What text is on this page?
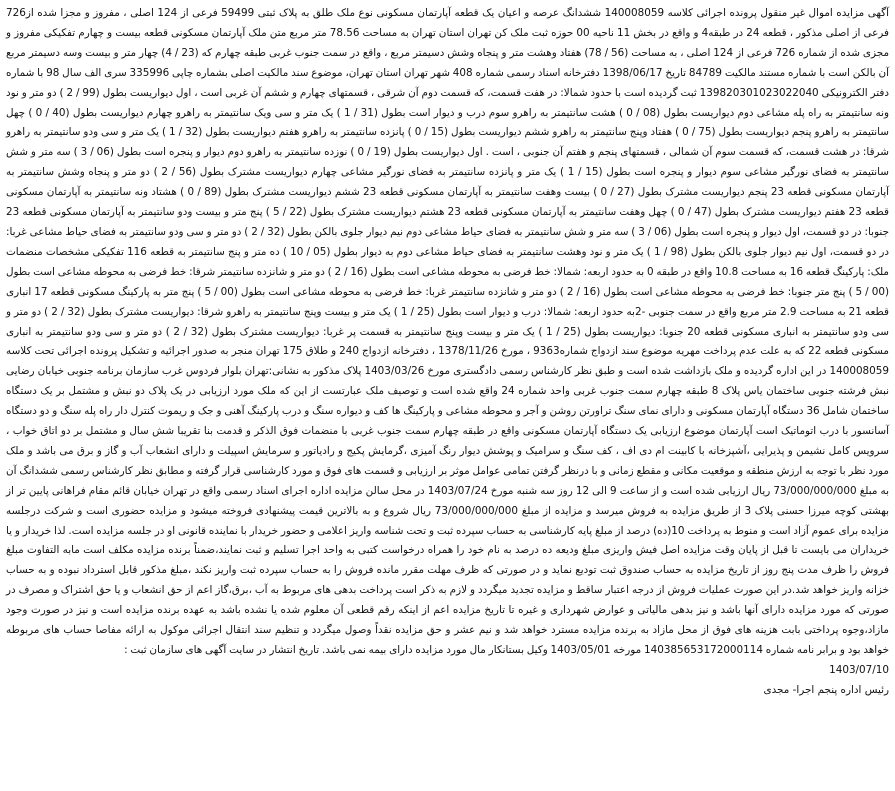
آگهی مزایده اموال غیر منقول پرونده اجرائی کلاسه 140008059 ششدانگ عرصه و اعیان یک قطعه آپارتمان مسکونی نوع ملک طلق به پلاک ثبتی 59499 فرعی از 124 اصلی ، مفروز و مجزا شده از726 فرعی از اصلی مذکور ، قطعه 24 در طبقه4 و واقع در بخش 11 ناحیه 00 حوزه ثبت ملک کن تهران استان تهران به مساحت 78.56 متر مربع متن ملک آپارتمان مسکونی قطعه بیست و چهارم تفکیکی مفروز و مجزی شده از شماره 726 فرعی از 124 اصلی ، به مساحت (56 / 78) هفتاد وهشت متر و پنجاه وشش دسیمتر مربع ، واقع در سمت جنوب غربی طبقه چهارم که (23 / 4) چهار متر و بیست وسه دسیمتر مربع آن بالکن است با شماره مستند مالکیت 84789 تاریخ 1398/06/17 دفترخانه اسناد رسمی شماره 408 شهر تهران استان تهران، موضوع سند مالکیت اصلی بشماره چاپی 335996 سری الف سال 98 با شماره دفتر الکترونیکی 139820301023022040 ثبت گردیده است با حدود شمالا: در هفت قسمت، که قسمت دوم آن شرقی ، قسمتهای چهارم و ششم آن غربی است ، اول دیواریست بطول (99 / 2 ) دو متر و نود ونه سانتیمتر به راه پله مشاعی دوم دیواریست بطول (08 / 0 ) هشت سانتیمتر به راهرو سوم درب و دیوار است بطول (31 / 1 ) یک متر و سی ویک سانتیمتر به راهرو چهارم دیواریست بطول (40 / 0 ) چهل سانتیمتر به راهرو پنجم دیواریست بطول (75 / 0 ) هفتاد وپنج سانتیمتر به راهرو ششم دیواریست بطول (15 / 0 ) پانزده سانتیمتر به راهرو هفتم دیواریست بطول (32 / 1 ) یک متر و سی ودو سانتیمتر به راهرو شرقا: در هشت قسمت، که قسمت سوم آن شمالی ، قسمتهای پنجم و هفتم آن جنوبی ، است . اول دیواریست بطول (19 / 0 ) نوزده سانتیمتر به راهرو دوم دیوار و پنجره است بطول (06 / 3 ) سه متر و شش سانتیمتر به فضای نورگیر مشاعی سوم دیوار و پنجره است بطول (15 / 1 ) یک متر و پانزده سانتیمتر به فضای نورگیر مشاعی چهارم دیواریست مشترک بطول (56 / 2 ) دو متر و پنجاه وشش سانتیمتر به آپارتمان مسکونی قطعه 23 پنجم دیواریست مشترک بطول (27 / 0 ) بیست وهفت سانتیمتر به آپارتمان مسکونی قطعه 23 ششم دیواریست مشترک بطول (89 / 0 ) هشتاد ونه سانتیمتر به آپارتمان مسکونی قطعه 23 هفتم دیواریست مشترک بطول (47 / 0 ) چهل وهفت سانتیمتر به آپارتمان مسکونی قطعه 23 هشتم دیواریست مشترک بطول (22 / 5 ) پنج متر و بیست ودو سانتیمتر به آپارتمان مسکونی قطعه 23 جنوبا: در دو قسمت، اول دیوار و پنجره است بطول (06 / 3 ) سه متر و شش سانتیمتر به فضای حیاط مشاعی دوم نیم دیوار جلوی بالکن بطول (32 / 2 ) دو متر و سی ودو سانتیمتر به فضای حیاط مشاعی غربا: در دو قسمت، اول نیم دیوار جلوی بالکن بطول (98 / 1 ) یک متر و نود وهشت سانتیمتر به فضای حیاط مشاعی دوم به دیوار بطول (05 / 10 ) ده متر و پنج سانتیمتر به قطعه 116 تفکیکی مشخصات منضمات ملک: پارکینگ قطعه 16 به مساحت 10.8 واقع در طبقه 0 به حدود اربعه: شمالا: خط فرضی به محوطه مشاعی است بطول (16 / 2 ) دو متر و شانزده سانتیمتر شرقا: خط فرضی به محوطه مشاعی است بطول (00 / 5 ) پنج متر جنوبا: خط فرضی به محوطه مشاعی است بطول (16 / 2 ) دو متر و شانزده سانتیمتر غربا: خط فرضی به محوطه مشاعی است بطول (00 / 5 ) پنج متر به پارکینگ مسکونی قطعه 17 انباری قطعه 21 به مساحت 2.9 متر مربع واقع در سمت جنوبی -2به حدود اربعه: شمالا: درب و دیوار است بطول (25 / 1 ) یک متر و بیست وپنج سانتیمتر به راهرو شرقا: دیواریست مشترک بطول (32 / 2 ) دو متر و سی ودو سانتیمتر به انباری مسکونی قطعه 20 جنوبا: دیواریست بطول (25 / 1 ) یک متر و بیست وپنج سانتیمتر به قسمت پر غربا: دیواریست مشترک بطول (32 / 2 ) دو متر و سی ودو سانتیمتر به انباری مسکونی قطعه 22 که به علت عدم پرداخت مهریه موضوع سند ازدواج شماره9363 ، مورخ 1378/11/26 ، دفترخانه ازدواج 240 و طلاق 175 تهران منجر به صدور اجرائیه و تشکیل پرونده اجرائی تحت کلاسه 140008059 در این اداره گردیده و ملک بازداشت شده است و طبق نظر کارشناس رسمی دادگستری مورخ 1403/03/26 پلاک مذکور به نشانی:تهران بلوار فردوس غرب سازمان برنامه جنوبی خیابان رضایی نبش فرشته جنوبی ساختمان یاس پلاک 8 طبقه چهارم سمت جنوب غربی واحد شماره 24 واقع شده است و توصیف ملک عبارتست از این که ملک مورد ارزیابی در یک پلاک دو نبش و مشتمل بر یک دستگاه ساختمان شامل 36 دستگاه آپارتمان مسکونی و دارای نمای سنگ تراورتن روشن و آجر و محوطه مشاعی و پارکینگ ها کف و دیواره سنگ و درب پارکینگ آهنی و جک و ریموت کنترل دار راه پله سنگ و دو دستگاه آسانسور با درب اتوماتیک است آپارتمان موضوع ارزیابی یک دستگاه آپارتمان مسکونی واقع در طبقه چهارم سمت جنوب غربی با منضمات فوق الذکر و قدمت بنا تقریبا شش سال و مشتمل بر دو اتاق خواب ، سرویس کامل نشیمن و پذیرایی ،آشپزخانه با کابینت ام دی اف ، کف سنگ و سرامیک و پوشش دیوار رنگ آمیزی ،گرمایش پکیج و رادیاتور و سرمایش اسپیلت و دارای انشعاب آب و گاز و برق می باشد و ملک مورد نظر با توجه به ارزش منطقه و موقعیت مکانی و مقطع زمانی و با درنظر گرفتن تمامی عوامل موثر بر ارزیابی و قسمت های فوق و مورد کارشناسی قرار گرفته و مطابق نظر کارشناس رسمی ششدانگ آن به مبلغ 73/000/000/000 ریال ارزیابی شده است و از ساعت 9 الی 12 روز سه شنبه مورخ 1403/07/24 در محل سالن مزایده اداره اجرای اسناد رسمی واقع در تهران خیابان قائم مقام فراهانی پایین تر از بهشتی کوچه میرزا حسنی پلاک 3 از طریق مزایده به فروش میرسد و مزایده از مبلغ 73/000/000/000 ریال شروع و به بالاترین قیمت پیشنهادی فروخته میشود و مزایده حضوری است و شرکت درجلسه مزایده برای عموم آزاد است و منوط به پرداخت 10(ده) درصد از مبلغ پایه کارشناسی به حساب سپرده ثبت و تحت شناسه واریز اعلامی و حضور خریدار با نماینده قانونی او در جلسه مزایده است. لذا خریدار و یا خریداران می بایست تا قبل از پایان وقت مزایده اصل فیش واریزی مبلغ ودیعه ده درصد به نام خود را همراه درخواست کتبی به واحد اجرا تسلیم و ثبت نمایند،ضمناً برنده مزایده مکلف است مابه التفاوت مبلغ فروش را ظرف مدت پنج روز از تاریخ مزایده به حساب صندوق ثبت تودیع نماید و در صورتی که ظرف مهلت مقرر مانده فروش را به حساب سپرده ثبت واریز نکند ،مبلغ مذکور قابل استرداد نبوده و به حساب خزانه واریز خواهد شد.در این صورت عملیات فروش از درجه اعتبار ساقط و مزایده تجدید میگردد و لازم به ذکر است پرداخت بدهی های مربوط به آب ،برق،گاز اعم از حق انشعاب و یا حق اشتراک و مصرف در صورتی که مورد مزایده دارای آنها باشد و نیز بدهی مالیاتی و عوارض شهرداری و غیره تا تاریخ مزایده اعم از اینکه رقم قطعی آن معلوم شده یا نشده باشد به عهده برنده مزایده است و نیز در صورت وجود مازاد،وجوه پرداختی بابت هزینه های فوق از محل مازاد به برنده مزایده مسترد خواهد شد و نیم عشر و حق مزایده نقداً وصول میگردد و تنظیم سند انتقال اجرائی موکول به ارائه مفاصا حساب های مربوطه خواهد بود و برابر نامه شماره 140385653172000114 مورخه 1403/05/01 وکیل بستانکار مال مورد مزایده دارای بیمه نمی باشد. تاریخ انتشار در سایت آگهی های سازمان ثبت :

1403/07/10
رئیس اداره پنجم اجرا- مجدی
